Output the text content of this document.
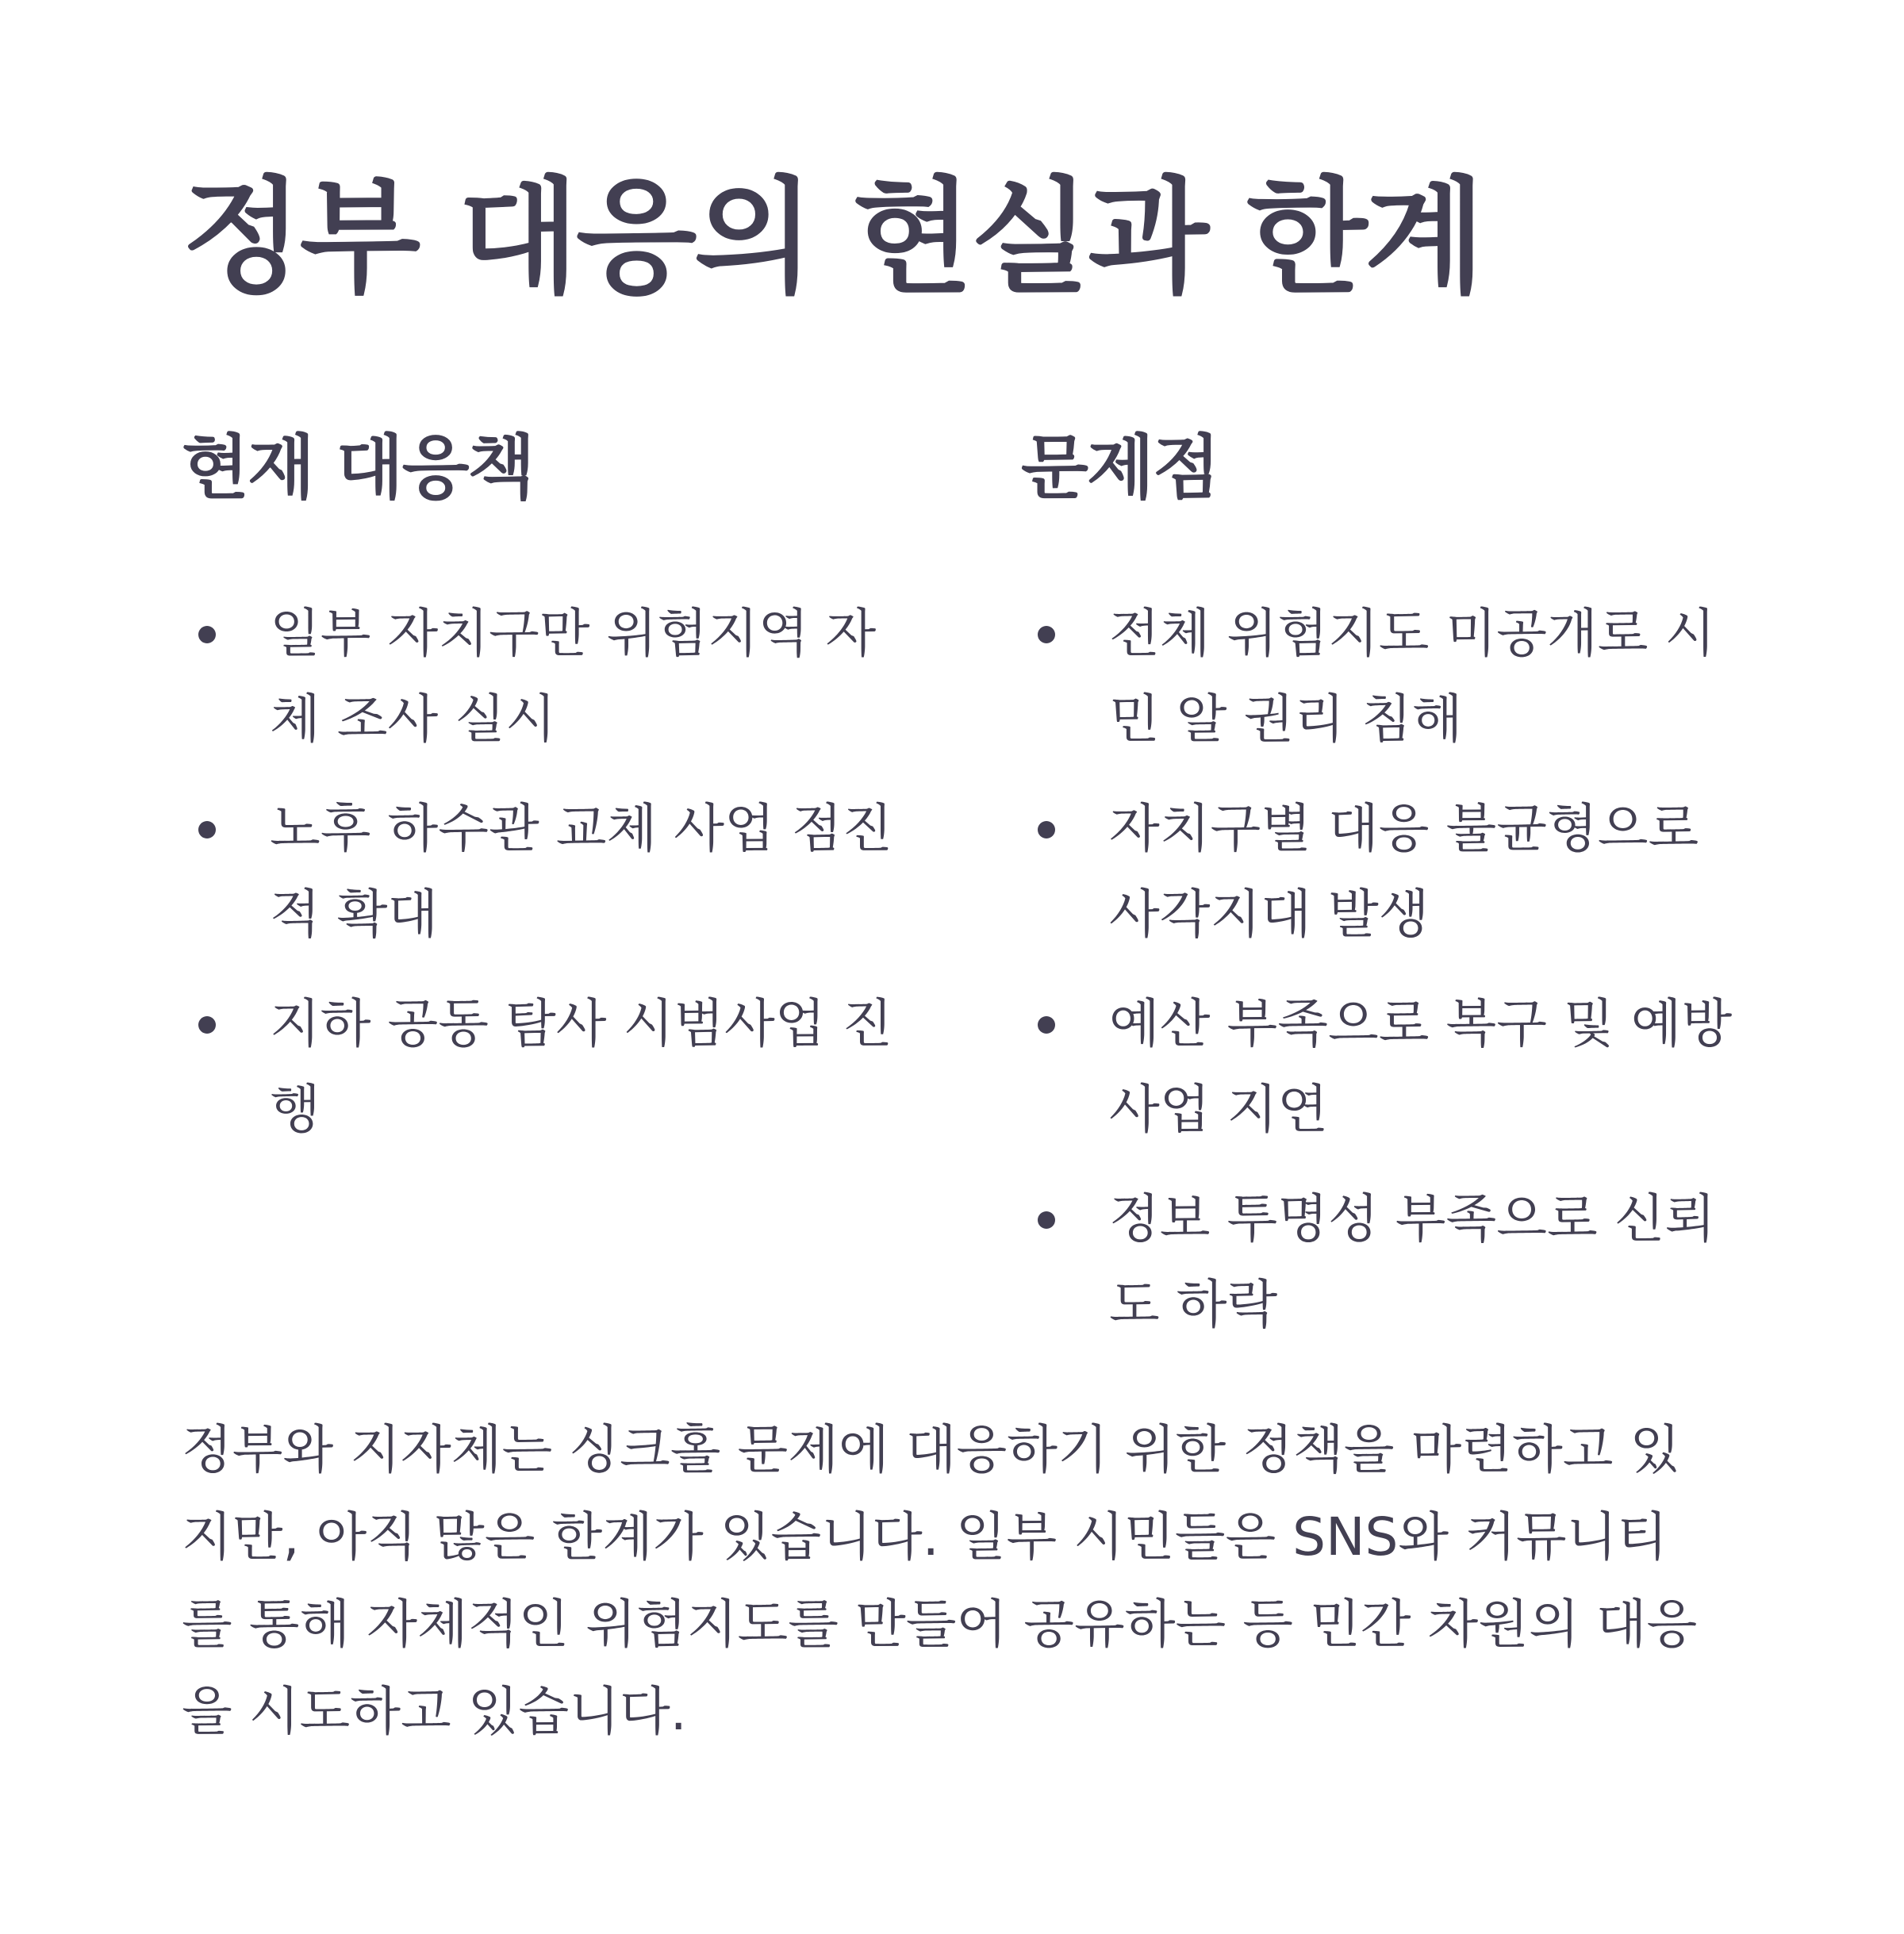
정부 대응의 현실과 한계
현재 대응책
일부 자치구만 위험지역 자체 조사 실시
노후 하수관 교체 사업 점진적 확대
지하 공동 탐사 시범사업 진행
문제점
전체 위험지도 미공개로 시민 알 권리 침해
자치구별 대응 불균형으로 사각지대 발생
예산 부족으로 복구 및 예방사업 지연
정보 투명성 부족으로 신뢰도 하락

정부와 지자체는 싱크홀 문제에 대응하기 위한 정책을 마련하고 있지만, 아직 많은 한계가 있습니다. 일부 시민들은 SNS와 커뮤니티를 통해 자체적인 위험지도를 만들어 공유하는 등 민간 차원의 대응을 시도하고 있습니다.
